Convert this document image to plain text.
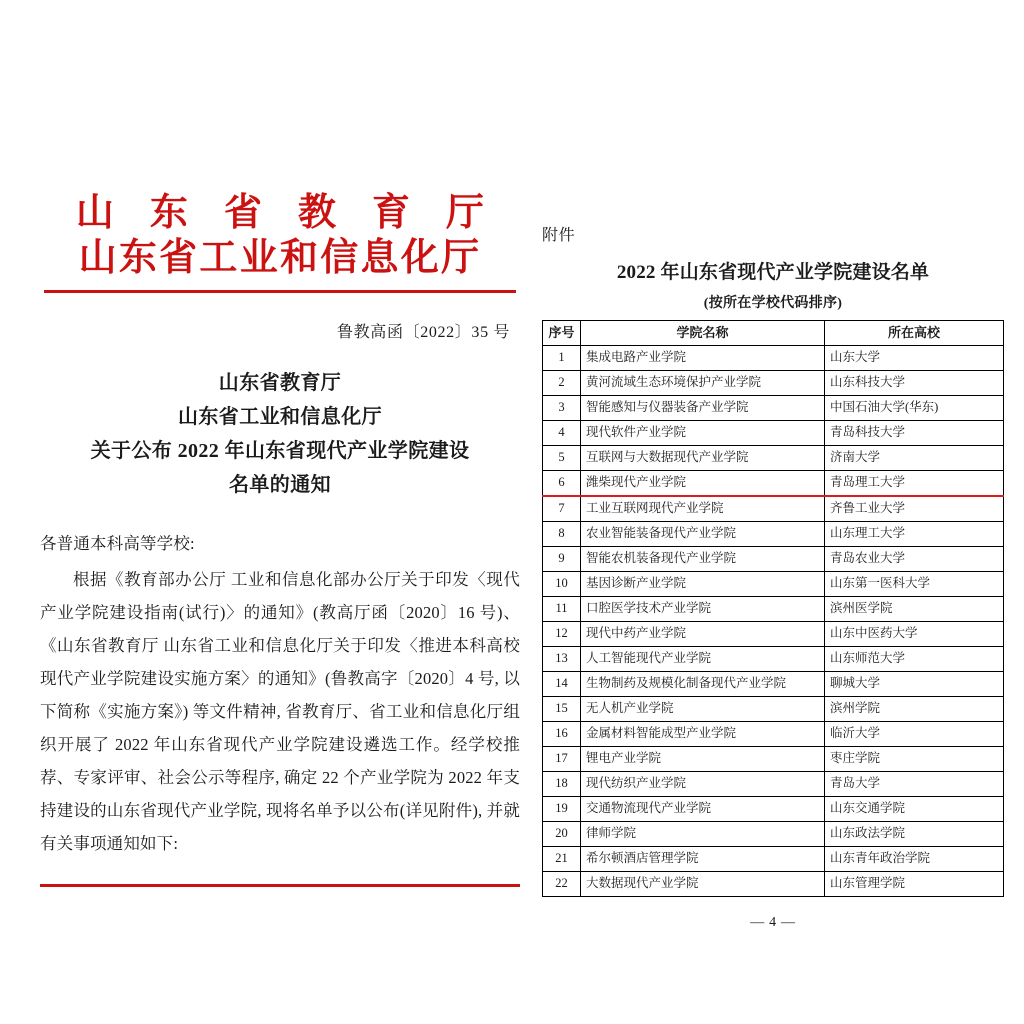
山 东 省 教 育 厅
山东省工业和信息化厅
鲁教高函〔2022〕35 号
山东省教育厅
山东省工业和信息化厅
关于公布 2022 年山东省现代产业学院建设
名单的通知
各普通本科高等学校:
根据《教育部办公厅 工业和信息化部办公厅关于印发〈现代产业学院建设指南(试行)〉的通知》(教高厅函〔2020〕16 号)、《山东省教育厅 山东省工业和信息化厅关于印发〈推进本科高校现代产业学院建设实施方案〉的通知》(鲁教高字〔2020〕4 号, 以下简称《实施方案》) 等文件精神, 省教育厅、省工业和信息化厅组织开展了 2022 年山东省现代产业学院建设遴选工作。经学校推荐、专家评审、社会公示等程序, 确定 22 个产业学院为 2022 年支持建设的山东省现代产业学院, 现将名单予以公布(详见附件), 并就有关事项通知如下:
附件
2022 年山东省现代产业学院建设名单
(按所在学校代码排序)
序号	学院名称	所在高校
1	集成电路产业学院	山东大学
2	黄河流域生态环境保护产业学院	山东科技大学
3	智能感知与仪器装备产业学院	中国石油大学(华东)
4	现代软件产业学院	青岛科技大学
5	互联网与大数据现代产业学院	济南大学
6	潍柴现代产业学院	青岛理工大学
7	工业互联网现代产业学院	齐鲁工业大学
8	农业智能装备现代产业学院	山东理工大学
9	智能农机装备现代产业学院	青岛农业大学
10	基因诊断产业学院	山东第一医科大学
11	口腔医学技术产业学院	滨州医学院
12	现代中药产业学院	山东中医药大学
13	人工智能现代产业学院	山东师范大学
14	生物制药及规模化制备现代产业学院	聊城大学
15	无人机产业学院	滨州学院
16	金属材料智能成型产业学院	临沂大学
17	锂电产业学院	枣庄学院
18	现代纺织产业学院	青岛大学
19	交通物流现代产业学院	山东交通学院
20	律师学院	山东政法学院
21	希尔顿酒店管理学院	山东青年政治学院
22	大数据现代产业学院	山东管理学院
— 4 —
